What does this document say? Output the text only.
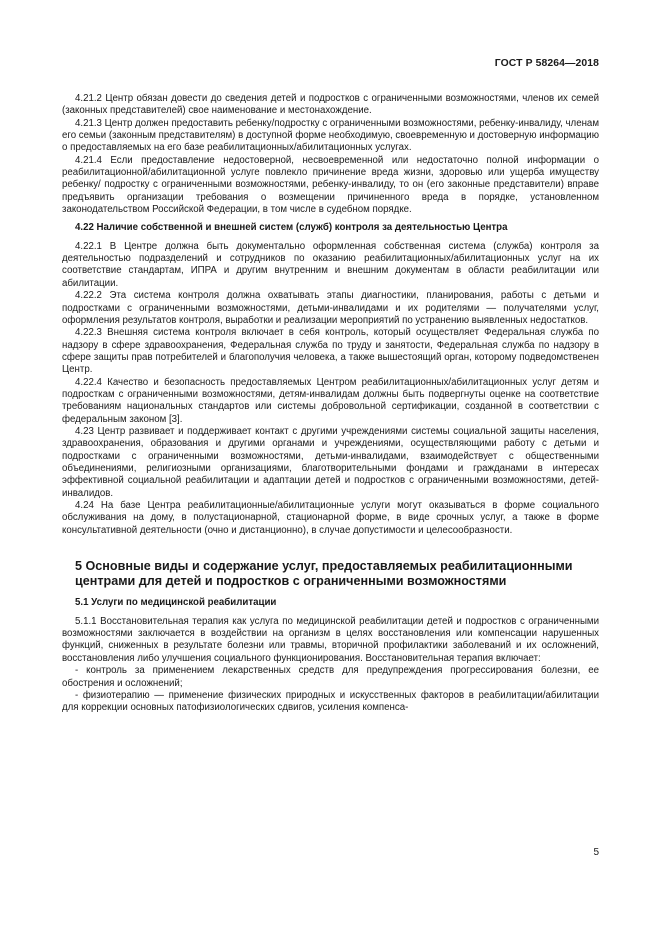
ГОСТ Р 58264—2018

4.21.2 Центр обязан довести до сведения детей и подростков с ограниченными возможностями, членов их семей (законных представителей) свое наименование и местонахождение.

4.21.3 Центр должен предоставить ребенку/подростку с ограниченными возможностями, ребенку-инвалиду, членам его семьи (законным представителям) в доступной форме необходимую, своевременную и достоверную информацию о предоставляемых на его базе реабилитационных/абилитационных услугах.

4.21.4 Если предоставление недостоверной, несвоевременной или недостаточно полной информации о реабилитационной/абилитационной услуге повлекло причинение вреда жизни, здоровью или ущерба имуществу ребенку/ подростку с ограниченными возможностями, ребенку-инвалиду, то он (его законные представители) вправе предъявить организации требования о возмещении причиненного вреда в порядке, установленном законодательством Российской Федерации, в том числе в судебном порядке.

4.22 Наличие собственной и внешней систем (служб) контроля за деятельностью Центра

4.22.1 В Центре должна быть документально оформленная собственная система (служба) контроля за деятельностью подразделений и сотрудников по оказанию реабилитационных/абилитационных услуг на их соответствие стандартам, ИПРА и другим внутренним и внешним документам в области реабилитации или абилитации.

4.22.2 Эта система контроля должна охватывать этапы диагностики, планирования, работы с детьми и подростками с ограниченными возможностями, детьми-инвалидами и их родителями — получателями услуг, оформления результатов контроля, выработки и реализации мероприятий по устранению выявленных недостатков.

4.22.3 Внешняя система контроля включает в себя контроль, который осуществляет Федеральная служба по надзору в сфере здравоохранения, Федеральная служба по труду и занятости, Федеральная служба по надзору в сфере защиты прав потребителей и благополучия человека, а также вышестоящий орган, которому подведомственен Центр.

4.22.4 Качество и безопасность предоставляемых Центром реабилитационных/абилитационных услуг детям и подросткам с ограниченными возможностями, детям-инвалидам должны быть подвергнуты оценке на соответствие требованиям национальных стандартов или системы добровольной сертификации, созданной в соответствии с федеральным законом [3].

4.23 Центр развивает и поддерживает контакт с другими учреждениями системы социальной защиты населения, здравоохранения, образования и другими органами и учреждениями, осуществляющими работу с детьми и подростками с ограниченными возможностями, детьми-инвалидами, взаимодействует с общественными объединениями, религиозными организациями, благотворительными фондами и гражданами в интересах эффективной социальной реабилитации и адаптации детей и подростков с ограниченными возможностями, детей-инвалидов.

4.24 На базе Центра реабилитационные/абилитационные услуги могут оказываться в форме социального обслуживания на дому, в полустационарной, стационарной форме, в виде срочных услуг, а также в форме консультативной деятельности (очно и дистанционно), в случае допустимости и целесообразности.

5 Основные виды и содержание услуг, предоставляемых реабилитационными центрами для детей и подростков с ограниченными возможностями
5.1 Услуги по медицинской реабилитации

5.1.1 Восстановительная терапия как услуга по медицинской реабилитации детей и подростков с ограниченными возможностями заключается в воздействии на организм в целях восстановления или компенсации нарушенных функций, сниженных в результате болезни или травмы, вторичной профилактики заболеваний и их осложнений, восстановления либо улучшения социального функционирования. Восстановительная терапия включает:

- контроль за применением лекарственных средств для предупреждения прогрессирования болезни, ее обострения и осложнений;

- физиотерапию — применение физических природных и искусственных факторов в реабилитации/абилитации для коррекции основных патофизиологических сдвигов, усиления компенса-

5
